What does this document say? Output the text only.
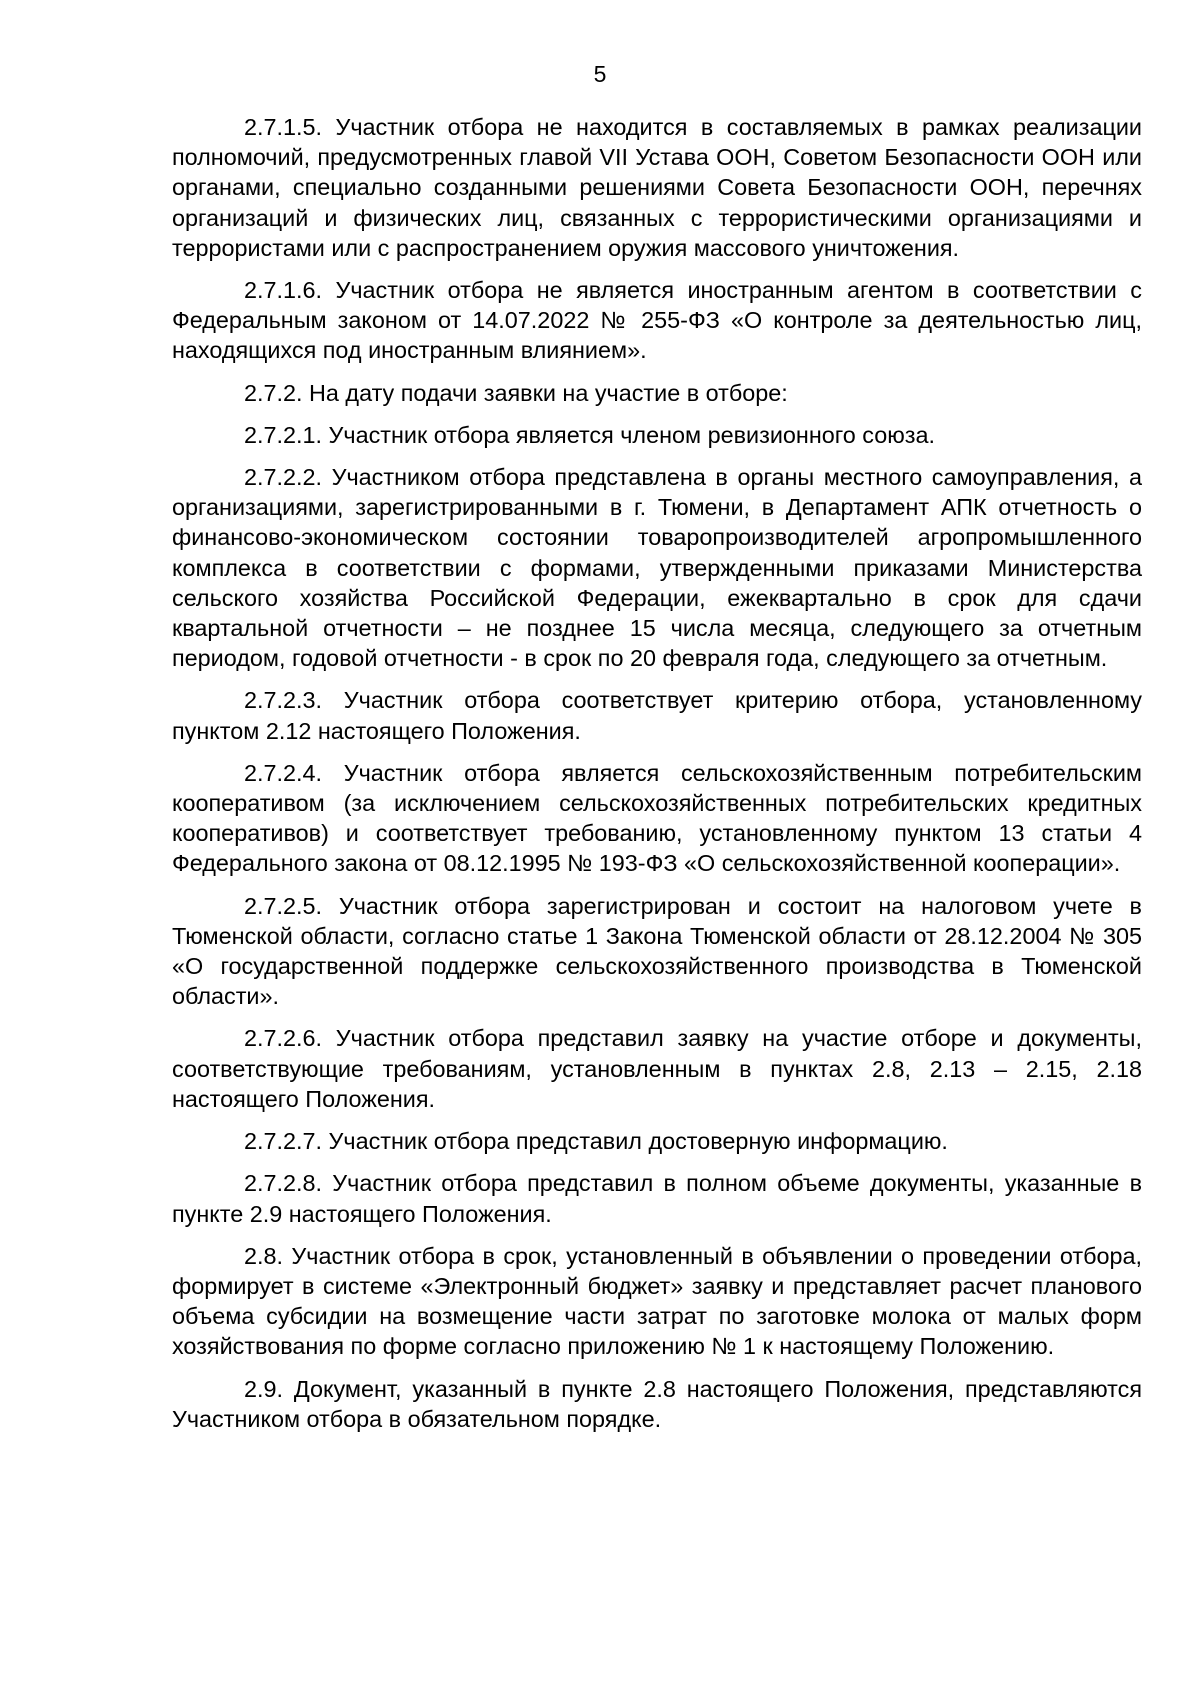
5

2.7.1.5. Участник отбора не находится в составляемых в рамках реализации полномочий, предусмотренных главой VII Устава ООН, Советом Безопасности ООН или органами, специально созданными решениями Совета Безопасности ООН, перечнях организаций и физических лиц, связанных с террористическими организациями и террористами или с распространением оружия массового уничтожения.

2.7.1.6. Участник отбора не является иностранным агентом в соответствии с Федеральным законом от 14.07.2022 № 255-ФЗ «О контроле за деятельностью лиц, находящихся под иностранным влиянием».

2.7.2. На дату подачи заявки на участие в отборе:

2.7.2.1. Участник отбора является членом ревизионного союза.

2.7.2.2. Участником отбора представлена в органы местного самоуправления, а организациями, зарегистрированными в г. Тюмени, в Департамент АПК отчетность о финансово-экономическом состоянии товаропроизводителей агропромышленного комплекса в соответствии с формами, утвержденными приказами Министерства сельского хозяйства Российской Федерации, ежеквартально в срок для сдачи квартальной отчетности – не позднее 15 числа месяца, следующего за отчетным периодом, годовой отчетности - в срок по 20 февраля года, следующего за отчетным.

2.7.2.3. Участник отбора соответствует критерию отбора, установленному пунктом 2.12 настоящего Положения.

2.7.2.4. Участник отбора является сельскохозяйственным потребительским кооперативом (за исключением сельскохозяйственных потребительских кредитных кооперативов) и соответствует требованию, установленному пунктом 13 статьи 4 Федерального закона от 08.12.1995 № 193-ФЗ «О сельскохозяйственной кооперации».

2.7.2.5. Участник отбора зарегистрирован и состоит на налоговом учете в Тюменской области, согласно статье 1 Закона Тюменской области от 28.12.2004 № 305 «О государственной поддержке сельскохозяйственного производства в Тюменской области».

2.7.2.6. Участник отбора представил заявку на участие отборе и документы, соответствующие требованиям, установленным в пунктах 2.8, 2.13 – 2.15, 2.18 настоящего Положения.

2.7.2.7. Участник отбора представил достоверную информацию.

2.7.2.8. Участник отбора представил в полном объеме документы, указанные в пункте 2.9 настоящего Положения.

2.8. Участник отбора в срок, установленный в объявлении о проведении отбора, формирует в системе «Электронный бюджет» заявку и представляет расчет планового объема субсидии на возмещение части затрат по заготовке молока от малых форм хозяйствования по форме согласно приложению № 1 к настоящему Положению.

2.9. Документ, указанный в пункте 2.8 настоящего Положения, представляются Участником отбора в обязательном порядке.
